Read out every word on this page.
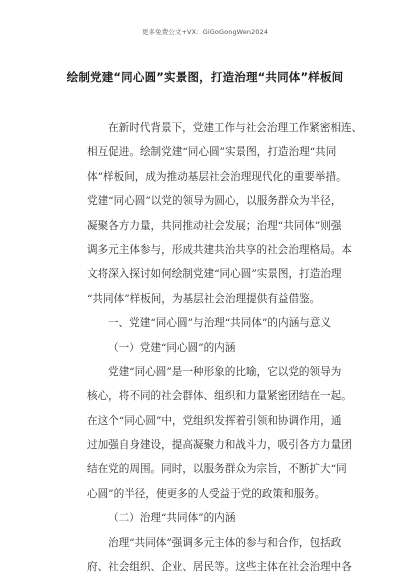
更多免费公文+VX：GiGoGongWen2024
绘制党建“同心圆”实景图，打造治理“共同体”样板间
在新时代背景下，党建工作与社会治理工作紧密相连、
相互促进。绘制党建“同心圆”实景图，打造治理“共同
体”样板间，成为推动基层社会治理现代化的重要举措。
党建“同心圆”以党的领导为圆心，以服务群众为半径，
凝聚各方力量，共同推动社会发展；治理“共同体”则强
调多元主体参与，形成共建共治共享的社会治理格局。本
文将深入探讨如何绘制党建“同心圆”实景图，打造治理
“共同体”样板间，为基层社会治理提供有益借鉴。
一、党建“同心圆”与治理“共同体”的内涵与意义
（一）党建“同心圆”的内涵
党建“同心圆”是一种形象的比喻，它以党的领导为
核心，将不同的社会群体、组织和力量紧密团结在一起。
在这个“同心圆”中，党组织发挥着引领和协调作用，通
过加强自身建设，提高凝聚力和战斗力，吸引各方力量团
结在党的周围。同时，以服务群众为宗旨，不断扩大“同
心圆”的半径，使更多的人受益于党的政策和服务。
（二）治理“共同体”的内涵
治理“共同体”强调多元主体的参与和合作，包括政
府、社会组织、企业、居民等。这些主体在社会治理中各
